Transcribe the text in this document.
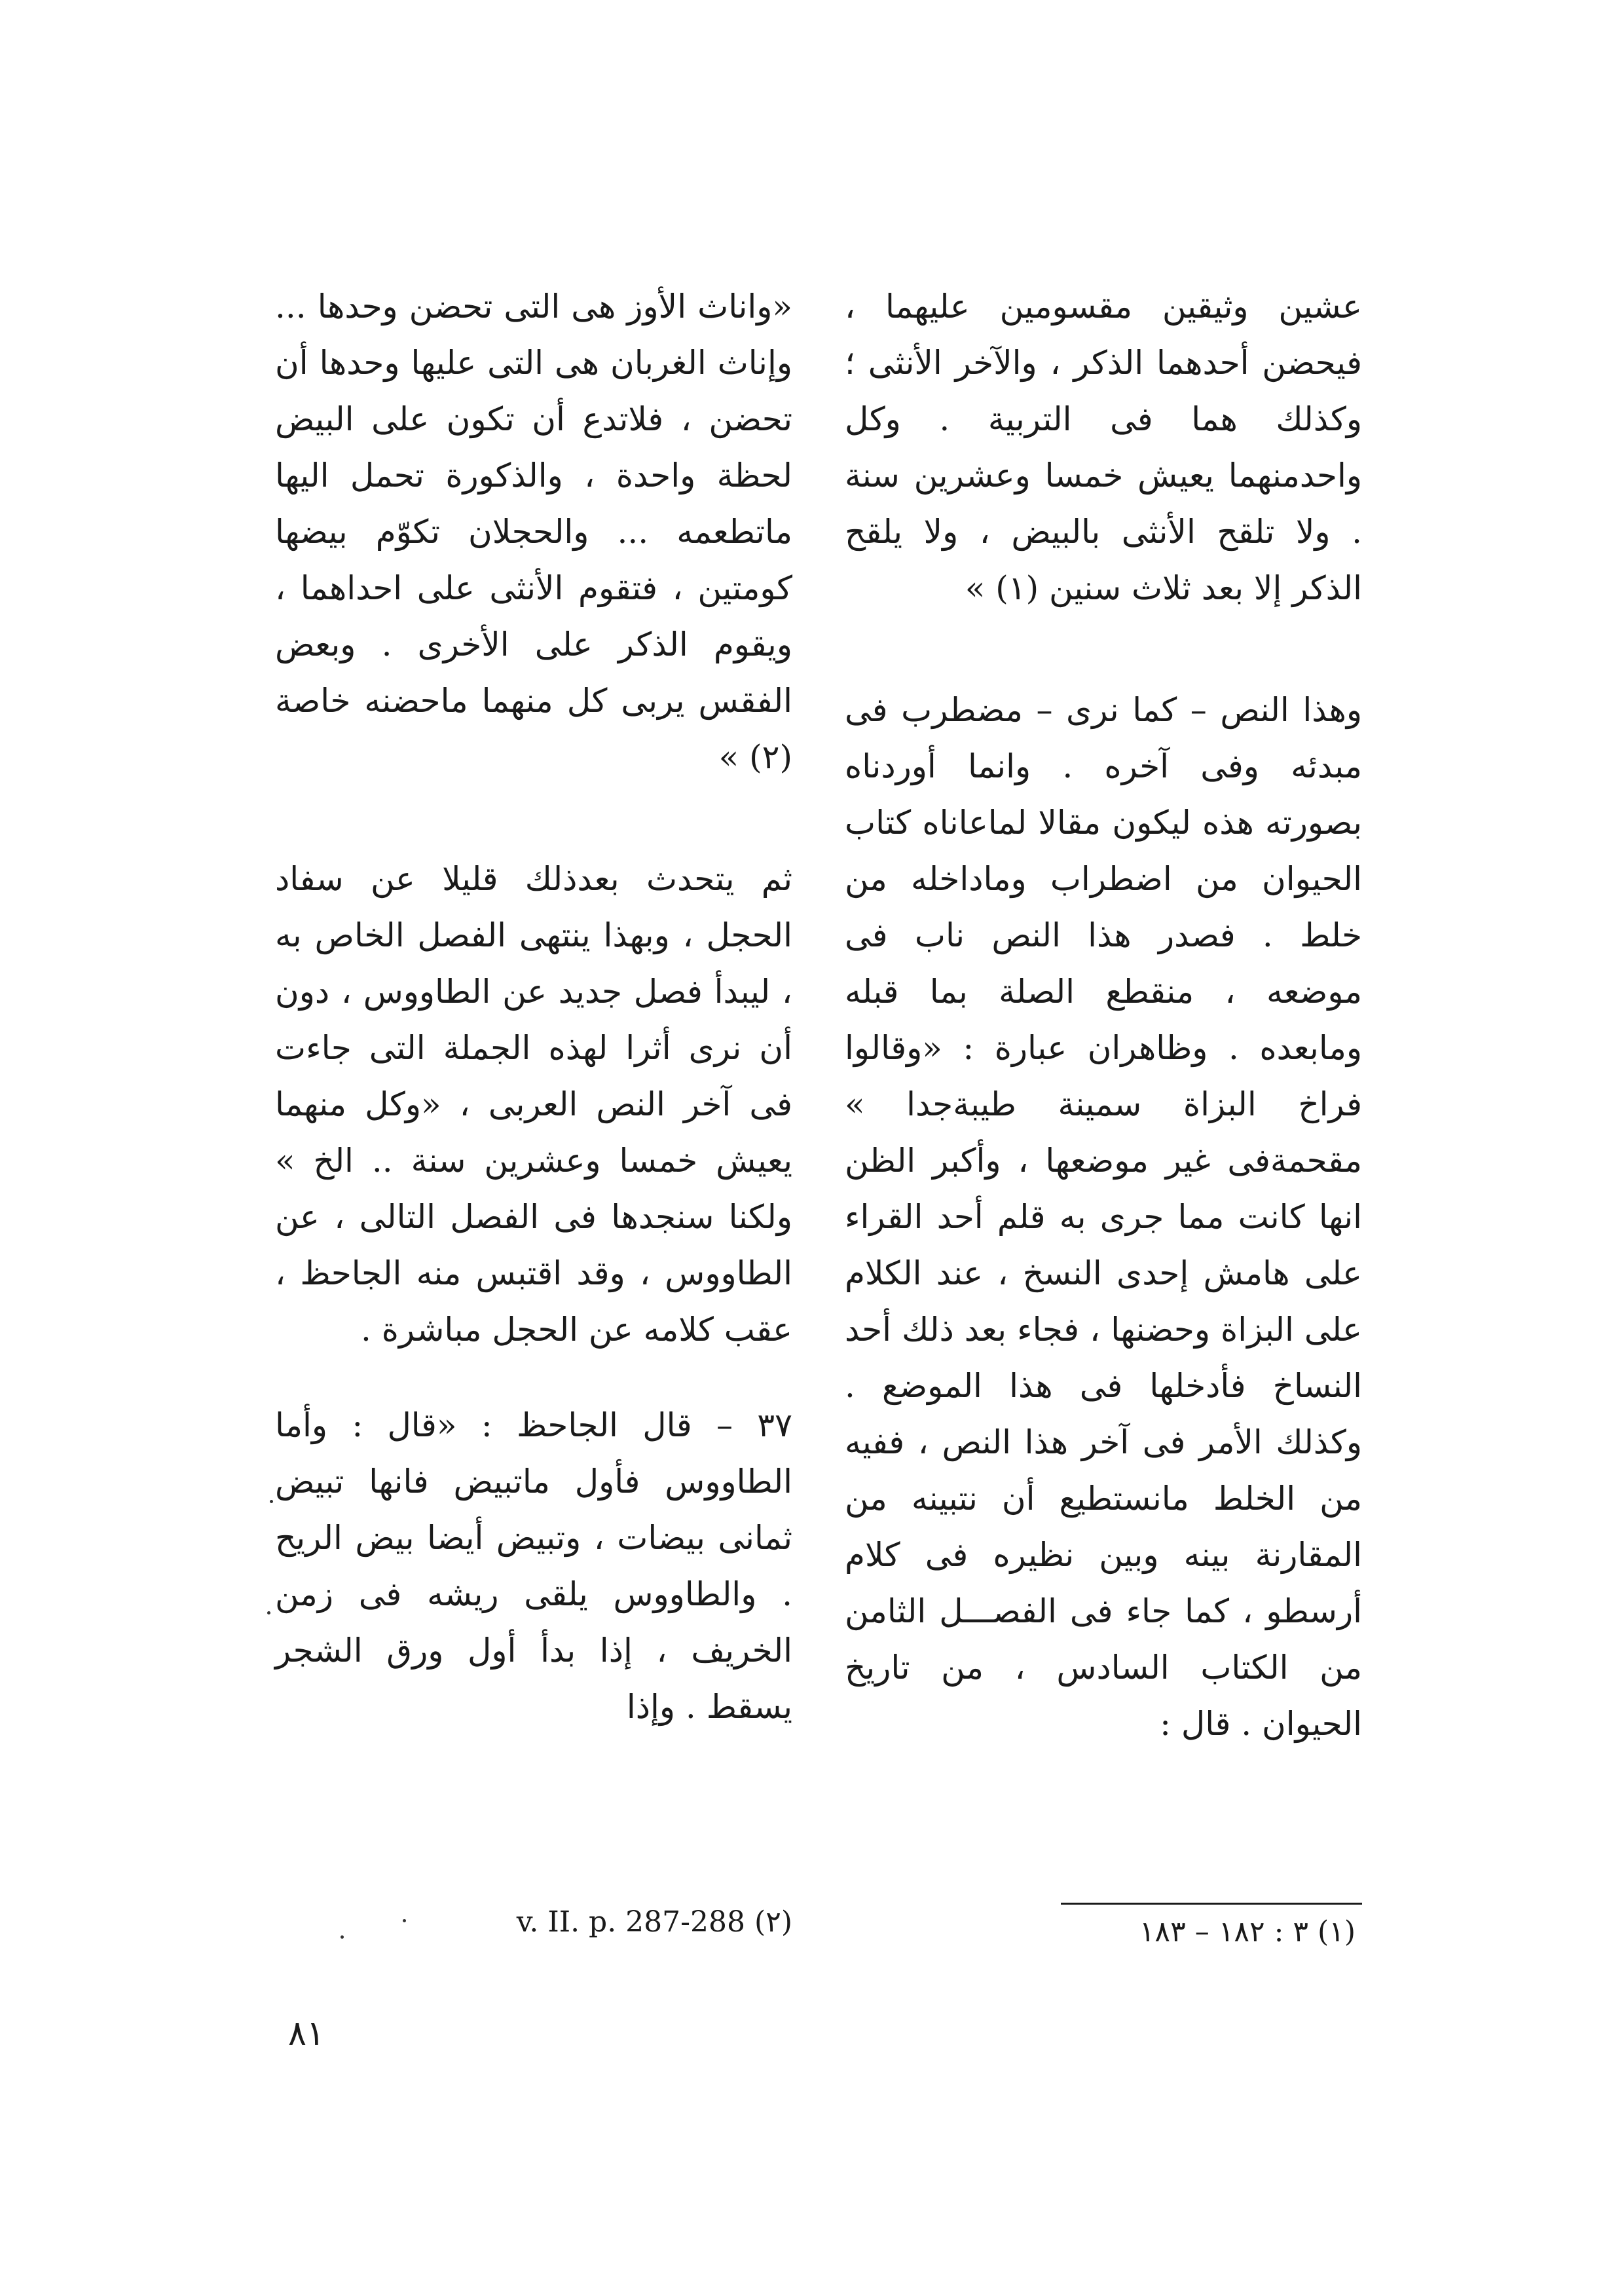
عشين وثيقين مقسومين عليهما ، فيحضن أحدهما الذكر ، والآخر الأنثى ؛ وكذلك هما فى التربية . وكل واحدمنهما يعيش خمسا وعشرين سنة . ولا تلقح الأنثى بالبيض ، ولا يلقح الذكر إلا بعد ثلاث سنين (١) »

وهذا النص – كما نرى – مضطرب فى مبدئه وفى آخره . وانما أوردناه بصورته هذه ليكون مقالا لماعاناه كتاب الحيوان من اضطراب وماداخله من خلط . فصدر هذا النص ناب فى موضعه ، منقطع الصلة بما قبله ومابعده . وظاهران عبارة : «وقالوا فراخ البزاة سمينة طيبةجدا » مقحمةفى غير موضعها ، وأكبر الظن انها كانت مما جرى به قلم أحد القراء على هامش إحدى النسخ ، عند الكلام على البزاة وحضنها ، فجاء بعد ذلك أحد النساخ فأدخلها فى هذا الموضع . وكذلك الأمر فى آخر هذا النص ، ففيه من الخلط مانستطيع أن نتبينه من المقارنة بينه وبين نظيره فى كلام أرسطو ، كما جاء فى الفصـــل الثامن من الكتاب السادس ، من تاريخ الحيوان . قال :

«واناث الأوز هى التى تحضن وحدها ... وإناث الغربان هى التى عليها وحدها أن تحضن ، فلاتدع أن تكون على البيض لحظة واحدة ، والذكورة تحمل اليها ماتطعمه ... والحجلان تكوّم بيضها كومتين ، فتقوم الأنثى على احداهما ، ويقوم الذكر على الأخرى . وبعض الفقس يربى كل منهما ماحضنه خاصة (٢) »

ثم يتحدث بعدذلك قليلا عن سفاد الحجل ، وبهذا ينتهى الفصل الخاص به ، ليبدأ فصل جديد عن الطاووس ، دون أن نرى أثرا لهذه الجملة التى جاءت فى آخر النص العربى ، «وكل منهما يعيش خمسا وعشرين سنة .. الخ » ولكنا سنجدها فى الفصل التالى ، عن الطاووس ، وقد اقتبس منه الجاحظ ، عقب كلامه عن الحجل مباشرة .

٣٧ – قال الجاحظ : «قال : وأما الطاووس فأول ماتبيض فانها تبيض ثمانى بيضات ، وتبيض أيضا بيض الريح . والطاووس يلقى ريشه فى زمن الخريف ، إذا بدأ أول ورق الشجر يسقط . وإذا

(١) ٣ : ١٨٢ – ١٨٣
(٢) v. II. p. 287-288
٨١
